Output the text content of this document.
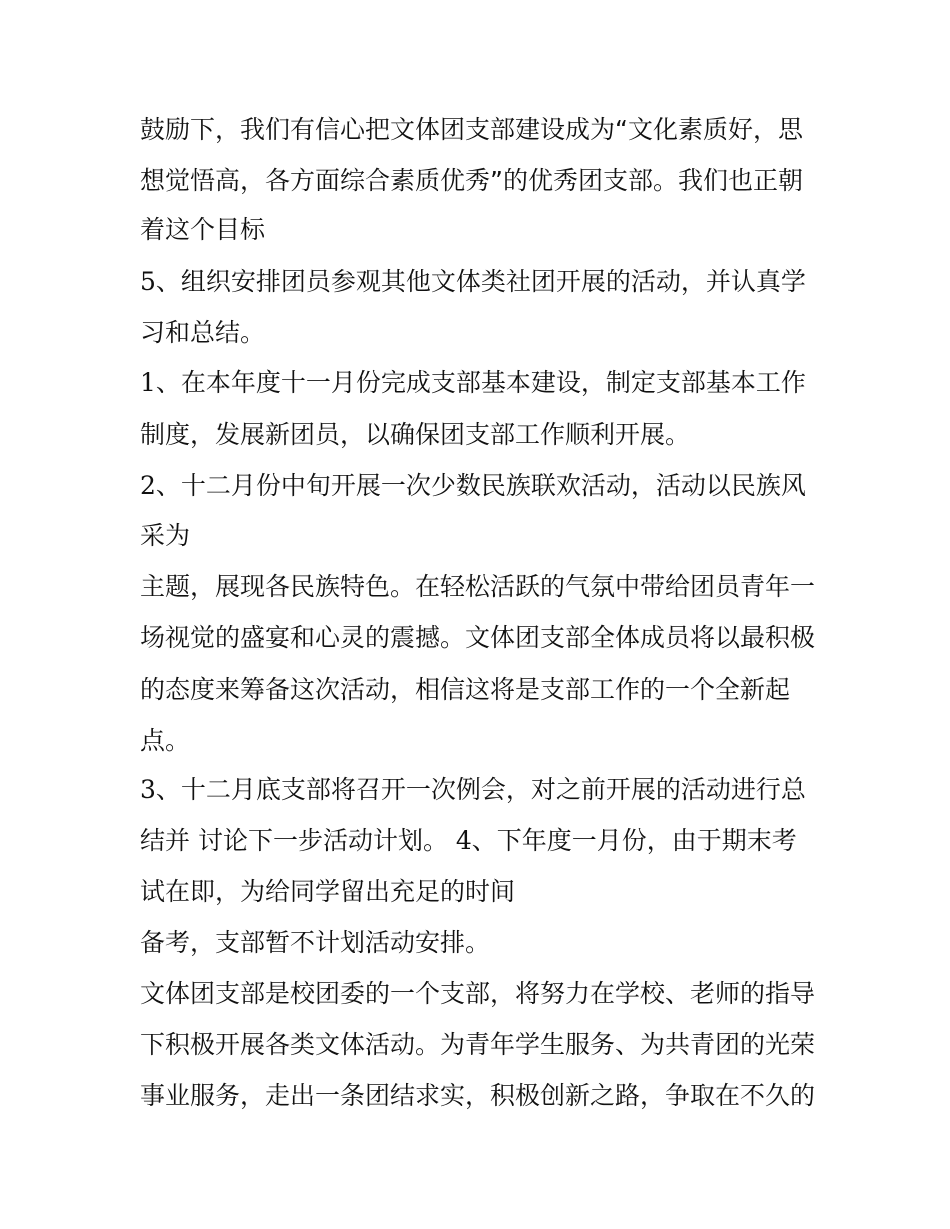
鼓励下，我们有信心把文体团支部建设成为“文化素质好，思
想觉悟高，各方面综合素质优秀”的优秀团支部。我们也正朝
着这个目标
5、组织安排团员参观其他文体类社团开展的活动，并认真学
习和总结。
1、在本年度十一月份完成支部基本建设，制定支部基本工作
制度，发展新团员，以确保团支部工作顺利开展。
2、十二月份中旬开展一次少数民族联欢活动，活动以民族风
采为
主题，展现各民族特色。在轻松活跃的气氛中带给团员青年一
场视觉的盛宴和心灵的震撼。文体团支部全体成员将以最积极
的态度来筹备这次活动，相信这将是支部工作的一个全新起
点。
3、十二月底支部将召开一次例会，对之前开展的活动进行总
结并 讨论下一步活动计划。 4、下年度一月份，由于期末考
试在即，为给同学留出充足的时间
备考，支部暂不计划活动安排。
文体团支部是校团委的一个支部，将努力在学校、老师的指导
下积极开展各类文体活动。为青年学生服务、为共青团的光荣
事业服务，走出一条团结求实，积极创新之路，争取在不久的
